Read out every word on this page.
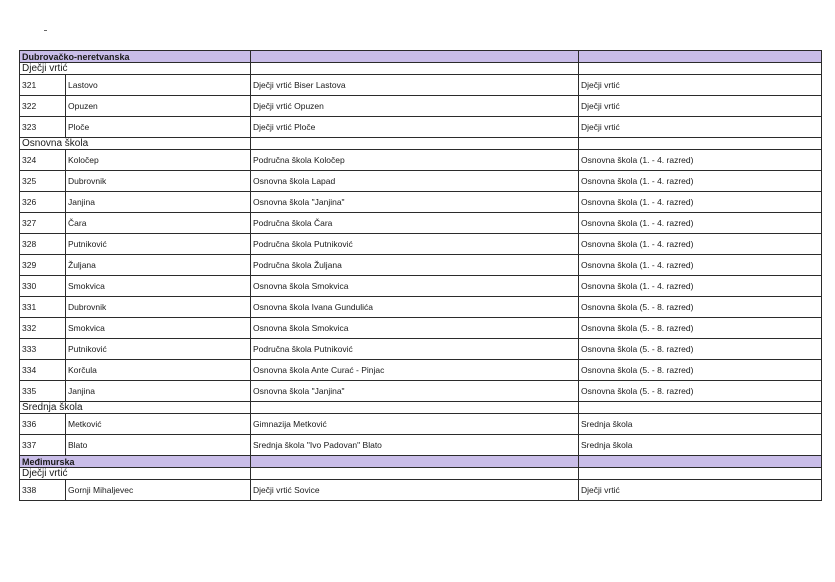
Dubrovačko-neretvanska			
Dječji vrtić			
321	Lastovo	Dječji vrtić Biser Lastova	Dječji vrtić
322	Opuzen	Dječji vrtić Opuzen	Dječji vrtić
323	Ploče	Dječji vrtić Ploče	Dječji vrtić
Osnovna škola			
324	Koločep	Područna škola Koločep	Osnovna škola (1. - 4. razred)
325	Dubrovnik	Osnovna škola Lapad	Osnovna škola (1. - 4. razred)
326	Janjina	Osnovna škola "Janjina"	Osnovna škola (1. - 4. razred)
327	Čara	Područna škola Čara	Osnovna škola (1. - 4. razred)
328	Putniković	Područna škola Putniković	Osnovna škola (1. - 4. razred)
329	Žuljana	Područna škola Žuljana	Osnovna škola (1. - 4. razred)
330	Smokvica	Osnovna škola Smokvica	Osnovna škola (1. - 4. razred)
331	Dubrovnik	Osnovna škola Ivana Gundulića	Osnovna škola (5. - 8. razred)
332	Smokvica	Osnovna škola Smokvica	Osnovna škola (5. - 8. razred)
333	Putniković	Područna škola Putniković	Osnovna škola (5. - 8. razred)
334	Korčula	Osnovna škola Ante Curać - Pinjac	Osnovna škola (5. - 8. razred)
335	Janjina	Osnovna škola "Janjina"	Osnovna škola (5. - 8. razred)
Srednja škola			
336	Metković	Gimnazija Metković	Srednja škola
337	Blato	Srednja škola "Ivo Padovan" Blato	Srednja škola
Međimurska			
Dječji vrtić			
338	Gornji Mihaljevec	Dječji vrtić Sovice	Dječji vrtić
